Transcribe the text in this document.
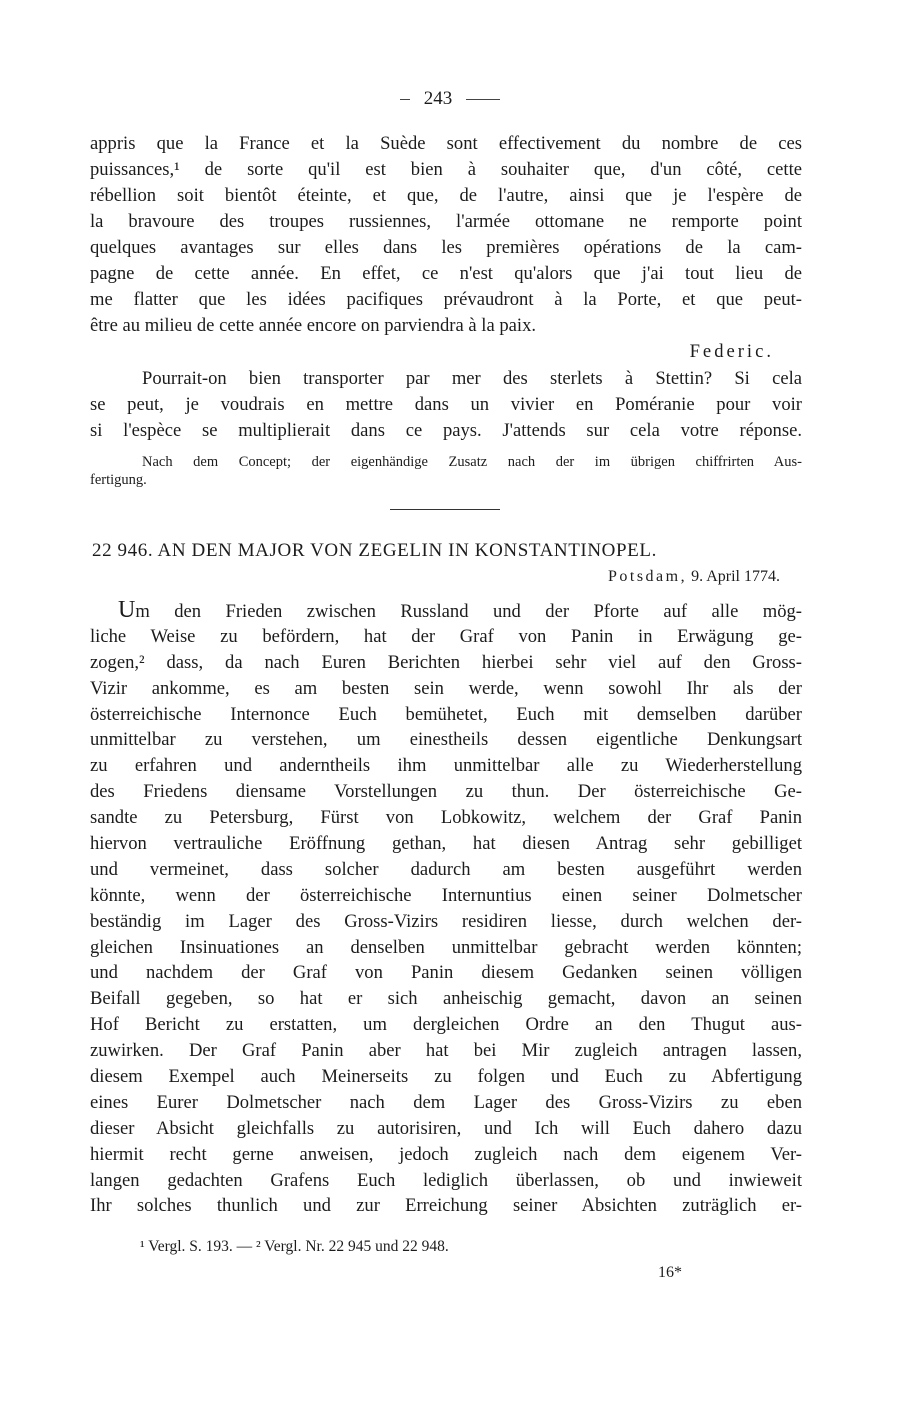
243
appris que la France et la Suède sont effectivement du nombre de ces
puissances,¹ de sorte qu'il est bien à souhaiter que, d'un côté, cette
rébellion soit bientôt éteinte, et que, de l'autre, ainsi que je l'espère de
la bravoure des troupes russiennes, l'armée ottomane ne remporte point
quelques avantages sur elles dans les premières opérations de la cam-
pagne de cette année. En effet, ce n'est qu'alors que j'ai tout lieu de
me flatter que les idées pacifiques prévaudront à la Porte, et que peut-
être au milieu de cette année encore on parviendra à la paix.
Federic.
Pourrait-on bien transporter par mer des sterlets à Stettin? Si cela
se peut, je voudrais en mettre dans un vivier en Poméranie pour voir
si l'espèce se multiplierait dans ce pays. J'attends sur cela votre réponse.
Nach dem Concept; der eigenhändige Zusatz nach der im übrigen chiffrirten Aus-
fertigung.
22 946. AN DEN MAJOR VON ZEGELIN IN KONSTANTINOPEL.
Potsdam, 9. April 1774.
Um den Frieden zwischen Russland und der Pforte auf alle mög-
liche Weise zu befördern, hat der Graf von Panin in Erwägung ge-
zogen,² dass, da nach Euren Berichten hierbei sehr viel auf den Gross-
Vizir ankomme, es am besten sein werde, wenn sowohl Ihr als der
österreichische Internonce Euch bemühetet, Euch mit demselben darüber
unmittelbar zu verstehen, um einestheils dessen eigentliche Denkungsart
zu erfahren und anderntheils ihm unmittelbar alle zu Wiederherstellung
des Friedens diensame Vorstellungen zu thun. Der österreichische Ge-
sandte zu Petersburg, Fürst von Lobkowitz, welchem der Graf Panin
hiervon vertrauliche Eröffnung gethan, hat diesen Antrag sehr gebilliget
und vermeinet, dass solcher dadurch am besten ausgeführt werden
könnte, wenn der österreichische Internuntius einen seiner Dolmetscher
beständig im Lager des Gross-Vizirs residiren liesse, durch welchen der-
gleichen Insinuationes an denselben unmittelbar gebracht werden könnten;
und nachdem der Graf von Panin diesem Gedanken seinen völligen
Beifall gegeben, so hat er sich anheischig gemacht, davon an seinen
Hof Bericht zu erstatten, um dergleichen Ordre an den Thugut aus-
zuwirken. Der Graf Panin aber hat bei Mir zugleich antragen lassen,
diesem Exempel auch Meinerseits zu folgen und Euch zu Abfertigung
eines Eurer Dolmetscher nach dem Lager des Gross-Vizirs zu eben
dieser Absicht gleichfalls zu autorisiren, und Ich will Euch dahero dazu
hiermit recht gerne anweisen, jedoch zugleich nach dem eigenem Ver-
langen gedachten Grafens Euch lediglich überlassen, ob und inwieweit
Ihr solches thunlich und zur Erreichung seiner Absichten zuträglich er-
¹ Vergl. S. 193. — ² Vergl. Nr. 22 945 und 22 948.
16*
